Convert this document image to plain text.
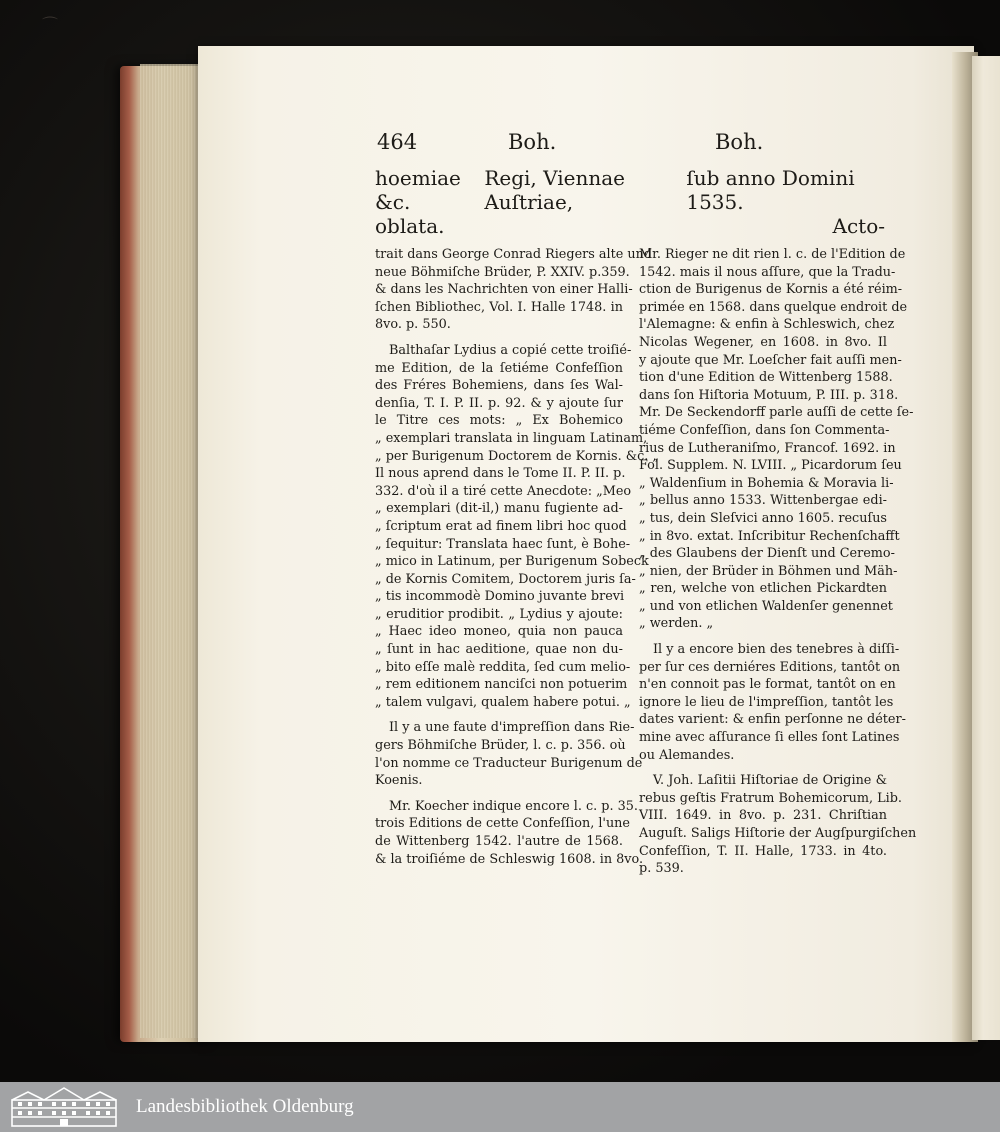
⌒
464	Boh.	Boh.
hoemiae &c.
Regi, Viennae Auſtriae,
ſub anno Domini 1535.
oblata.	Acto-

trait dans George Conrad Riegers alte und
neue Böhmiſche Brüder, P. XXIV. p.359.
& dans les Nachrichten von einer Halli-
ſchen Bibliothec, Vol. I. Halle 1748. in
8vo. p. 550.

Balthaſar Lydius a copié cette troiſié-
me Edition, de la ſetiéme Confeſſion
des Fréres Bohemiens, dans ſes Wal-
denſia, T. I. P. II. p. 92. & y ajoute ſur
le Titre ces mots: „ Ex Bohemico
„ exemplari translata in linguam Latinam,
„ per Burigenum Doctorem de Kornis. &c. „
Il nous aprend dans le Tome II. P. II. p.
332. d'où il a tiré cette Anecdote: „Meo
„ exemplari (dit-il,) manu fugiente ad-
„ ſcriptum erat ad finem libri hoc quod
„ ſequitur: Translata haec ſunt, è Bohe-
„ mico in Latinum, per Burigenum Sobeck
„ de Kornis Comitem, Doctorem juris ſa-
„ tis incommodè Domino juvante brevi
„ eruditior prodibit. „ Lydius y ajoute:
„ Haec ideo moneo, quia non pauca
„ ſunt in hac aeditione, quae non du-
„ bito eſſe malè reddita, ſed cum melio-
„ rem editionem nanciſci non potuerim
„ talem vulgavi, qualem habere potui. „

Il y a une faute d'impreſſion dans Rie-
gers Böhmiſche Brüder, l. c. p. 356. où
l'on nomme ce Traducteur Burigenum de
Koenis.

Mr. Koecher indique encore l. c. p. 35.
trois Editions de cette Confeſſion, l'une
de Wittenberg 1542. l'autre de 1568.
& la troiſiéme de Schleswig 1608. in 8vo.

Mr. Rieger ne dit rien l. c. de l'Edition de
1542. mais il nous aſſure, que la Tradu-
ction de Burigenus de Kornis a été réim-
primée en 1568. dans quelque endroit de
l'Alemagne: & enfin à Schleswich, chez
Nicolas Wegener, en 1608. in 8vo. Il
y ajoute que Mr. Loeſcher fait auſſi men-
tion d'une Edition de Wittenberg 1588.
dans ſon Hiſtoria Motuum, P. III. p. 318.
Mr. De Seckendorff parle auſſi de cette ſe-
tiéme Confeſſion, dans ſon Commenta-
rius de Lutheraniſmo, Francof. 1692. in
Fol. Supplem. N. LVIII. „ Picardorum ſeu
„ Waldenſium in Bohemia & Moravia li-
„ bellus anno 1533. Wittenbergae edi-
„ tus, dein Sleſvici anno 1605. recuſus
„ in 8vo. extat. Inſcribitur Rechenſchafft
„ des Glaubens der Dienſt und Ceremo-
„ nien, der Brüder in Böhmen und Mäh-
„ ren, welche von etlichen Pickardten
„ und von etlichen Waldenſer genennet
„ werden. „

Il y a encore bien des tenebres à diſſi-
per ſur ces derniéres Editions, tantôt on
n'en connoit pas le format, tantôt on en
ignore le lieu de l'impreſſion, tantôt les
dates varient: & enfin perſonne ne déter-
mine avec aſſurance ſi elles ſont Latines
ou Alemandes.

V. Joh. Laſitii Hiſtoriae de Origine &
rebus geſtis Fratrum Bohemicorum, Lib.
VIII. 1649. in 8vo. p. 231. Chriſtian
Auguſt. Saligs Hiſtorie der Augſpurgiſchen
Confeſſion, T. II. Halle, 1733. in 4to.
p. 539.

Landesbibliothek Oldenburg
